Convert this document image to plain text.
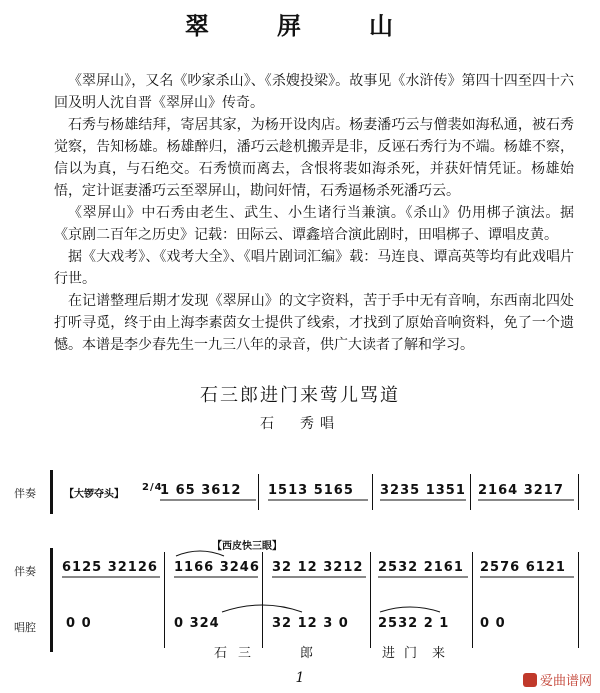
翠　屏　山

《翠屏山》，又名《吵家杀山》、《杀嫂投梁》。故事见《水浒传》第四十四至四十六回及明人沈自晋《翠屏山》传奇。

石秀与杨雄结拜，寄居其家，为杨开设肉店。杨妻潘巧云与僧裴如海私通，被石秀觉察，告知杨雄。杨雄醉归，潘巧云趁机搬弄是非，反诬石秀行为不端。杨雄不察，信以为真，与石绝交。石秀愤而离去，含恨将裴如海杀死，并获奸情凭证。杨雄始悟，定计诓妻潘巧云至翠屏山，勘问奸情，石秀逼杨杀死潘巧云。

《翠屏山》中石秀由老生、武生、小生诸行当兼演。《杀山》仍用梆子演法。据《京剧二百年之历史》记载：田际云、谭鑫培合演此剧时，田唱梆子、谭唱皮黄。

据《大戏考》、《戏考大全》、《唱片剧词汇编》载：马连良、谭高英等均有此戏唱片行世。

在记谱整理后期才发现《翠屏山》的文字资料，苦于手中无有音响，东西南北四处打听寻觅，终于由上海李素茵女士提供了线索，才找到了原始音响资料，免了一个遗憾。本谱是李少春先生一九三八年的录音，供广大读者了解和学习。

石三郎进门来莺儿骂道
石　秀唱
伴奏	【大锣夺头】
2/4
1 65 3612 1513 5165 3235 1351 2164 3217
【西皮快三眼】
伴奏
唱腔
6125 32126 1166 3246 32 12 3212 2532 2161 2576 6121
0 0	0 324	32 12 3 0 2532 2 1 0 0
石 三	郎	进 门 来
1	爱曲谱网
